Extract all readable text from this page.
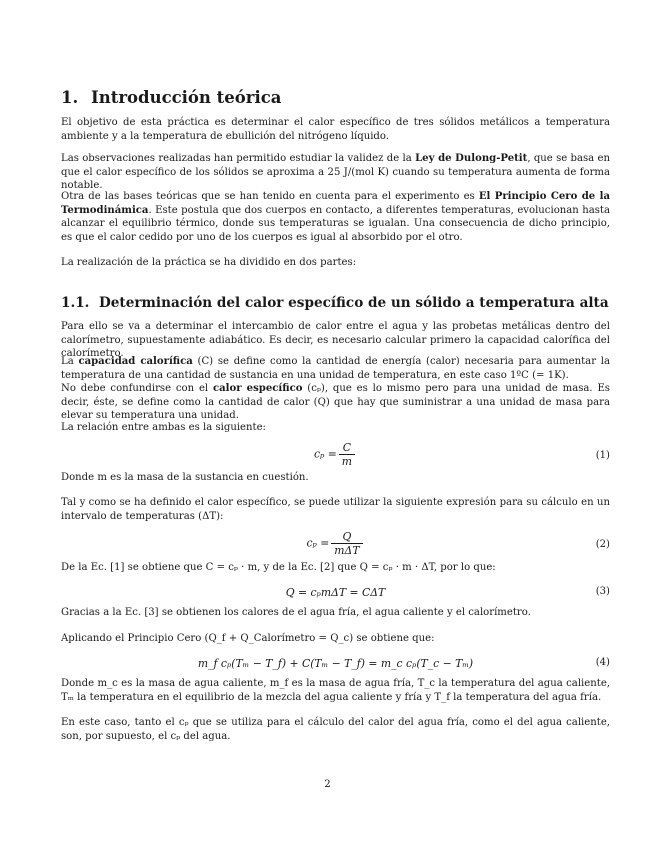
1. Introducción teórica
El objetivo de esta práctica es determinar el calor específico de tres sólidos metálicos a temperatura ambiente y a la temperatura de ebullición del nitrógeno líquido.
Las observaciones realizadas han permitido estudiar la validez de la Ley de Dulong-Petit, que se basa en que el calor específico de los sólidos se aproxima a 25 J/(mol K) cuando su temperatura aumenta de forma notable.
Otra de las bases teóricas que se han tenido en cuenta para el experimento es El Principio Cero de la Termodinámica. Este postula que dos cuerpos en contacto, a diferentes temperaturas, evolucionan hasta alcanzar el equilibrio térmico, donde sus temperaturas se igualan. Una consecuencia de dicho principio, es que el calor cedido por uno de los cuerpos es igual al absorbido por el otro.
La realización de la práctica se ha dividido en dos partes:
1.1. Determinación del calor específico de un sólido a temperatura alta
Para ello se va a determinar el intercambio de calor entre el agua y las probetas metálicas dentro del calorímetro, supuestamente adiabático. Es decir, es necesario calcular primero la capacidad calorífica del calorímetro.
La capacidad calorífica (C) se define como la cantidad de energía (calor) necesaria para aumentar la temperatura de una cantidad de sustancia en una unidad de temperatura, en este caso 1ºC (= 1K).
No debe confundirse con el calor específico (cₚ), que es lo mismo pero para una unidad de masa. Es decir, éste, se define como la cantidad de calor (Q) que hay que suministrar a una unidad de masa para elevar su temperatura una unidad.
La relación entre ambas es la siguiente:
$c_p = \frac{C}{m}$	(1)
Donde m es la masa de la sustancia en cuestión.
Tal y como se ha definido el calor específico, se puede utilizar la siguiente expresión para su cálculo en un intervalo de temperaturas (ΔT):
$c_p = \frac{Q}{\text{mΔT}}$	(2)
De la Ec. [1] se obtiene que C = cₚ · m, y de la Ec. [2] que Q = cₚ · m · ΔT, por lo que:
Q = cₚmΔT = CΔT	(3)
Gracias a la Ec. [3] se obtienen los calores de el agua fría, el agua caliente y el calorímetro.
Aplicando el Principio Cero (Q_f + Q_Calorímetro = Q_c) se obtiene que:
m_f cₚ(Tₘ − T_f) + C(Tₘ − T_f) = m_c cₚ(T_c − Tₘ)	(4)
Donde m_c es la masa de agua caliente, m_f es la masa de agua fría, T_c la temperatura del agua caliente, Tₘ la temperatura en el equilibrio de la mezcla del agua caliente y fría y T_f la temperatura del agua fría.
En este caso, tanto el cₚ que se utiliza para el cálculo del calor del agua fría, como el del agua caliente, son, por supuesto, el cₚ del agua.
2
